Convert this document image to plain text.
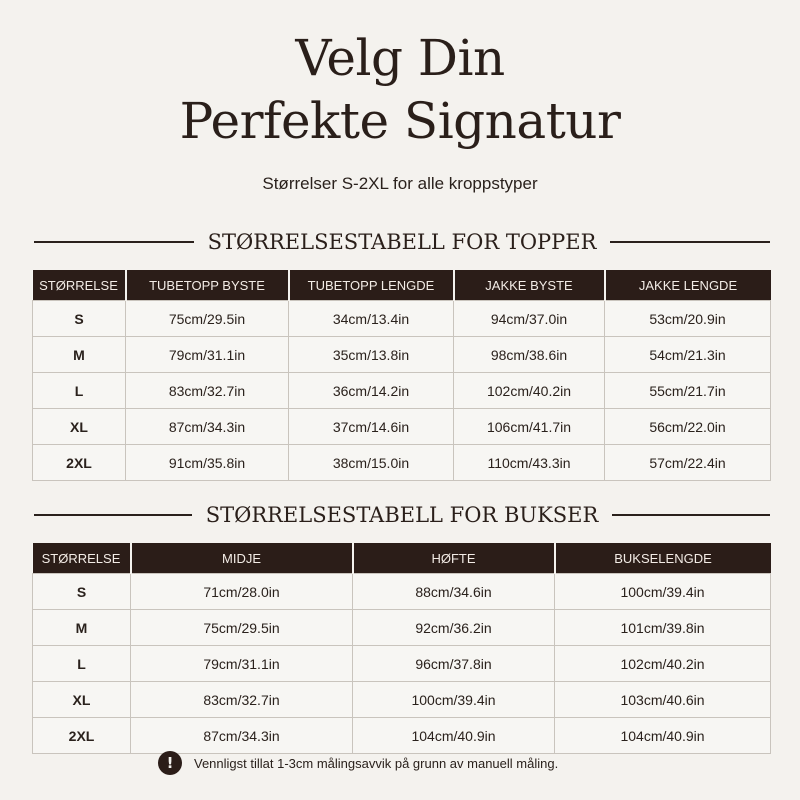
Velg Din
Perfekte Signatur
Størrelser S-2XL for alle kroppstyper
STØRRELSESTABELL FOR TOPPER
STØRRELSE	TUBETOPP BYSTE	TUBETOPP LENGDE	JAKKE BYSTE	JAKKE LENGDE
S	75cm/29.5in	34cm/13.4in	94cm/37.0in	53cm/20.9in
M	79cm/31.1in	35cm/13.8in	98cm/38.6in	54cm/21.3in
L	83cm/32.7in	36cm/14.2in	102cm/40.2in	55cm/21.7in
XL	87cm/34.3in	37cm/14.6in	106cm/41.7in	56cm/22.0in
2XL	91cm/35.8in	38cm/15.0in	110cm/43.3in	57cm/22.4in
STØRRELSESTABELL FOR BUKSER
STØRRELSE	MIDJE	HØFTE	BUKSELENGDE
S	71cm/28.0in	88cm/34.6in	100cm/39.4in
M	75cm/29.5in	92cm/36.2in	101cm/39.8in
L	79cm/31.1in	96cm/37.8in	102cm/40.2in
XL	83cm/32.7in	100cm/39.4in	103cm/40.6in
2XL	87cm/34.3in	104cm/40.9in	104cm/40.9in
!	Vennligst tillat 1-3cm målingsavvik på grunn av manuell måling.
